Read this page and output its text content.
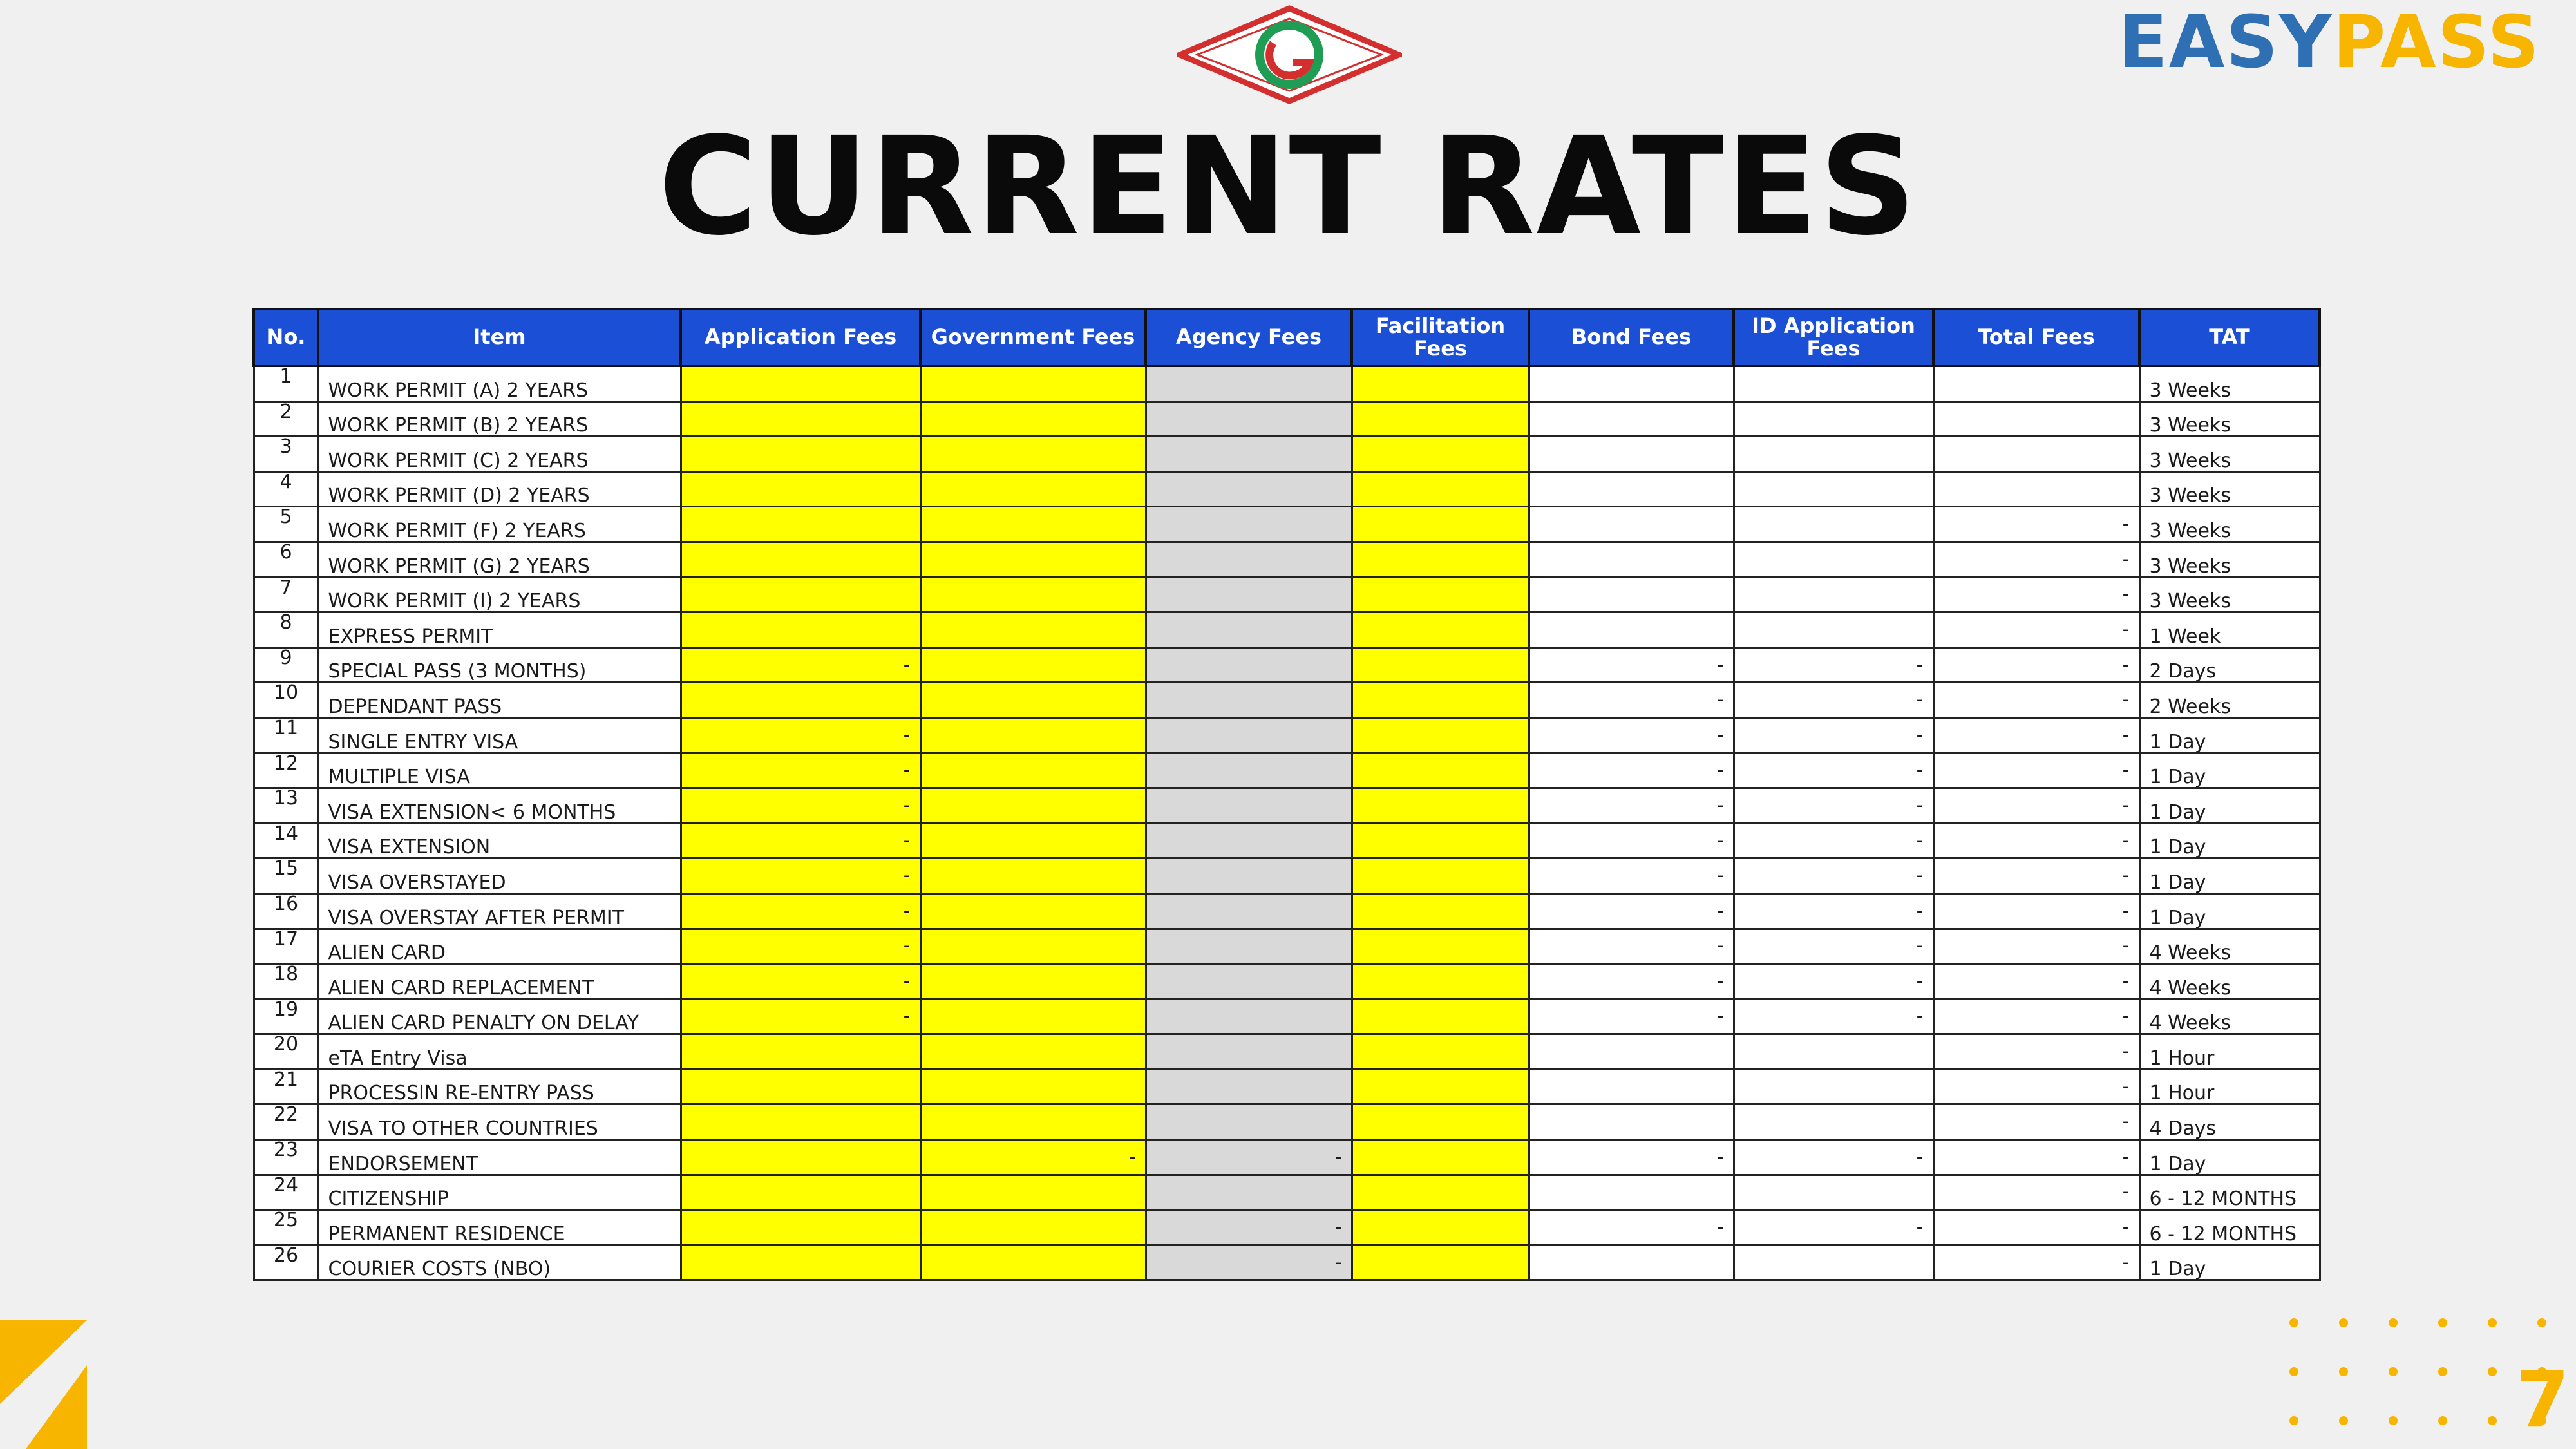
EASYPASS
CURRENT RATES
No.	Item	Application Fees	Government Fees	Agency Fees	Facilitation Fees	Bond Fees	ID Application Fees	Total Fees	TAT
1	WORK PERMIT (A) 2 YEARS								3 Weeks
2	WORK PERMIT (B) 2 YEARS								3 Weeks
3	WORK PERMIT (C) 2 YEARS								3 Weeks
4	WORK PERMIT (D) 2 YEARS								3 Weeks
5	WORK PERMIT (F) 2 YEARS							-	3 Weeks
6	WORK PERMIT (G) 2 YEARS							-	3 Weeks
7	WORK PERMIT (I) 2 YEARS							-	3 Weeks
8	EXPRESS PERMIT							-	1 Week
9	SPECIAL PASS (3 MONTHS)	-				-	-	-	2 Days
10	DEPENDANT PASS					-	-	-	2 Weeks
11	SINGLE ENTRY VISA	-				-	-	-	1 Day
12	MULTIPLE VISA	-				-	-	-	1 Day
13	VISA EXTENSION< 6 MONTHS	-				-	-	-	1 Day
14	VISA EXTENSION	-				-	-	-	1 Day
15	VISA OVERSTAYED	-				-	-	-	1 Day
16	VISA OVERSTAY AFTER PERMIT	-				-	-	-	1 Day
17	ALIEN CARD	-				-	-	-	4 Weeks
18	ALIEN CARD REPLACEMENT	-				-	-	-	4 Weeks
19	ALIEN CARD PENALTY ON DELAY	-				-	-	-	4 Weeks
20	eTA Entry Visa							-	1 Hour
21	PROCESSIN RE-ENTRY PASS							-	1 Hour
22	VISA TO OTHER COUNTRIES							-	4 Days
23	ENDORSEMENT		-	-		-	-	-	1 Day
24	CITIZENSHIP							-	6 - 12 MONTHS
25	PERMANENT RESIDENCE			-		-	-	-	6 - 12 MONTHS
26	COURIER COSTS (NBO)			-				-	1 Day
7
